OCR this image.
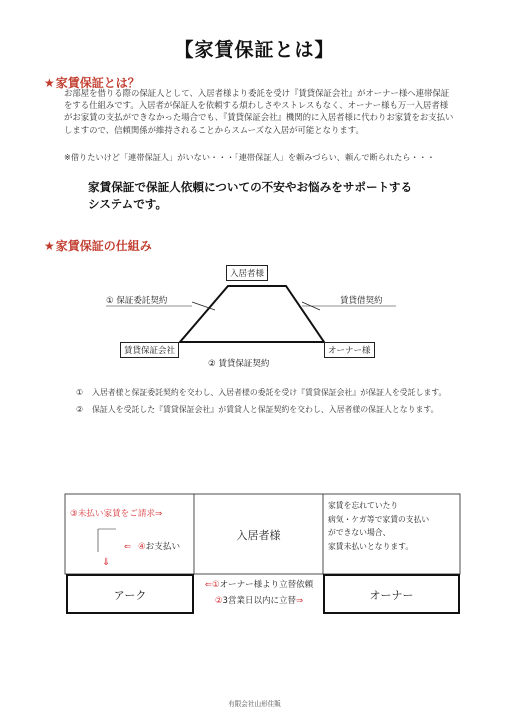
【家賃保証とは】
★家賃保証とは？
お部屋を借りる際の保証人として、入居者様より委託を受け『賃貸保証会社』がオーナー様へ連帯保証
をする仕組みです。入居者が保証人を依頼する煩わしさやストレスもなく、オーナー様も万一入居者様
がお家賃の支払ができなかった場合でも、『賃貸保証会社』機関的に入居者様に代わりお家賃をお支払い
しますので、信頼関係が維持されることからスムーズな入居が可能となります。
※借りたいけど「連帯保証人」がいない・・・「連帯保証人」を頼みづらい、頼んで断られたら・・・
家賃保証で保証人依頼についての不安やお悩みをサポートする
システムです。
★家賃保証の仕組み
入居者様
賃貸保証会社	オーナー様
① 保証委託契約	賃貸借契約
② 賃貸保証契約
① 入居者様と保証委託契約を交わし、入居者様の委託を受け『賃貸保証会社』が保証人を受託します。
② 保証人を受託した『賃貸保証会社』が賃貸人と保証契約を交わし、入居者様の保証人となります。
③未払い家賃をご請求⇒
⇐ ④お支払い
⇓
入居者様
家賃を忘れていたり
病気・ケガ等で家賃の支払い
ができない場合、
家賃未払いとなります。
アーク	オーナー
⇐①オーナー様より立替依頼
②3営業日以内に立替⇒
有限会社山形住販
